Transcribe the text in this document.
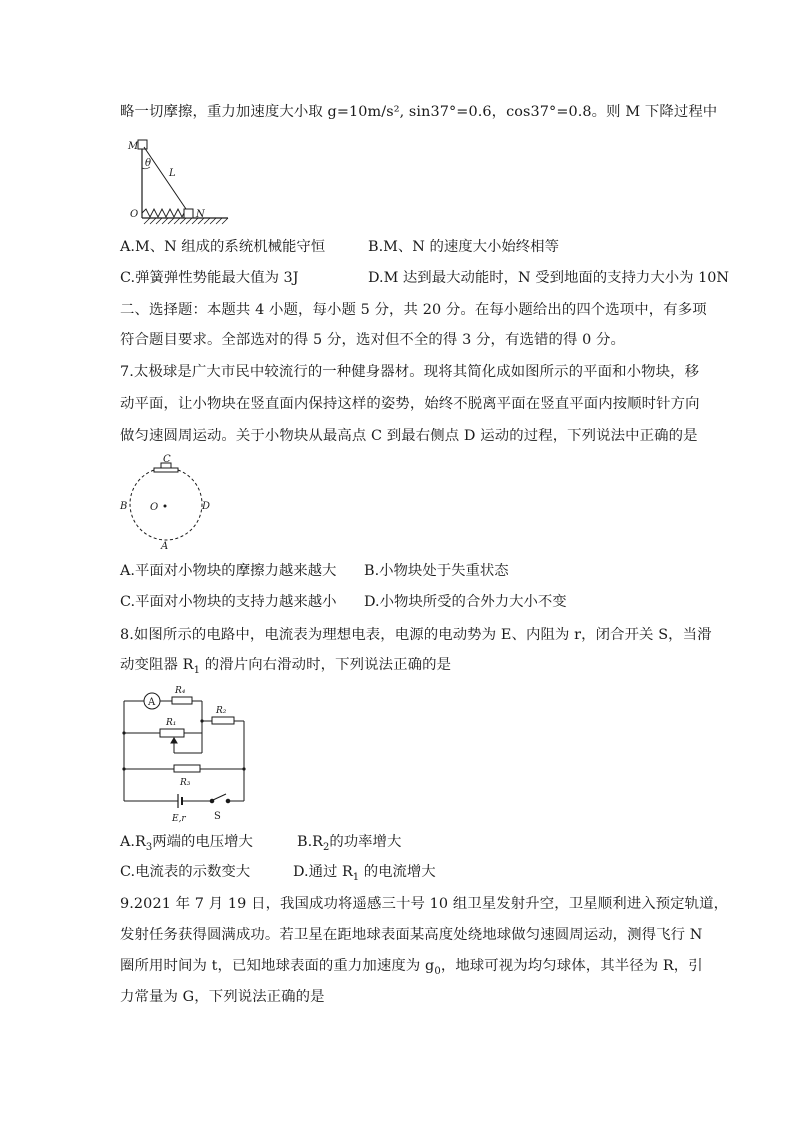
略一切摩擦，重力加速度大小取 g=10m/s², sin37°=0.6，cos37°=0.8。则 M 下降过程中
M
θ
L
O	N
A.M、N 组成的系统机械能守恒	B.M、N 的速度大小始终相等
C.弹簧弹性势能最大值为 3J	D.M 达到最大动能时，N 受到地面的支持力大小为 10N
二、选择题：本题共 4 小题，每小题 5 分，共 20 分。在每小题给出的四个选项中，有多项
符合题目要求。全部选对的得 5 分，选对但不全的得 3 分，有选错的得 0 分。
7.太极球是广大市民中较流行的一种健身器材。现将其简化成如图所示的平面和小物块，移
动平面，让小物块在竖直面内保持这样的姿势，始终不脱离平面在竖直平面内按顺时针方向
做匀速圆周运动。关于小物块从最高点 C 到最右侧点 D 运动的过程，下列说法中正确的是
C
B	D
O
A
A.平面对小物块的摩擦力越来越大 B.小物块处于失重状态
C.平面对小物块的支持力越来越小 D.小物块所受的合外力大小不变
8.如图所示的电路中，电流表为理想电表，电源的电动势为 E、内阻为 r，闭合开关 S，当滑
动变阻器 $R_1$ 的滑片向右滑动时，下列说法正确的是
A
R₄
R₁
R₂
R₃
E,r	S
$A.R_3$两端的电压增大	$B.R_2$的功率增大
C.电流表的示数变大	D.通过 $R_1$ 的电流增大
9.2021 年 7 月 19 日，我国成功将遥感三十号 10 组卫星发射升空，卫星顺利进入预定轨道，
发射任务获得圆满成功。若卫星在距地球表面某高度处绕地球做匀速圆周运动，测得飞行 N
圈所用时间为 t，已知地球表面的重力加速度为 $g_0$，地球可视为均匀球体，其半径为 R，引
力常量为 G，下列说法正确的是
